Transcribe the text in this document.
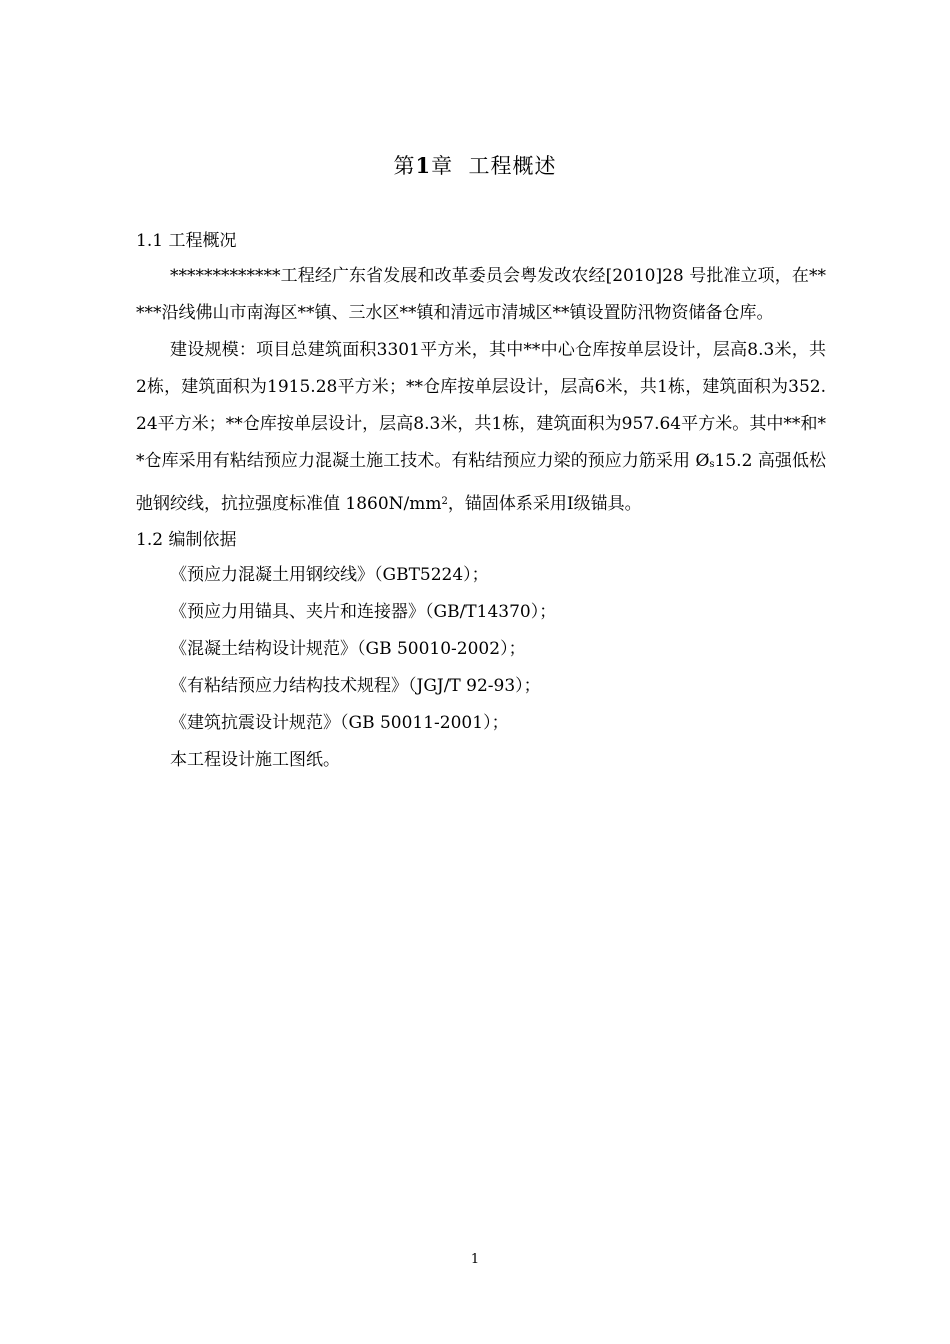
第1章 工程概述

1.1 工程概况

*************工程经广东省发展和改革委员会粤发改农经[2010]28 号批准立项，在*****沿线佛山市南海区**镇、三水区**镇和清远市清城区**镇设置防汛物资储备仓库。

建设规模：项目总建筑面积3301平方米，其中**中心仓库按单层设计，层高8.3米，共2栋，建筑面积为1915.28平方米；**仓库按单层设计，层高6米，共1栋，建筑面积为352.24平方米；**仓库按单层设计，层高8.3米，共1栋，建筑面积为957.64平方米。其中**和**仓库采用有粘结预应力混凝土施工技术。有粘结预应力梁的预应力筋采用 Øs15.2 高强低松弛钢绞线，抗拉强度标准值 $1860N/mm^2$，锚固体系采用Ⅰ级锚具。

1.2 编制依据

《预应力混凝土用钢绞线》（GBT5224）；

《预应力用锚具、夹片和连接器》（GB/T14370）；

《混凝土结构设计规范》（GB 50010-2002）；

《有粘结预应力结构技术规程》（JGJ/T 92-93）；

《建筑抗震设计规范》（GB 50011-2001）；

本工程设计施工图纸。

1
